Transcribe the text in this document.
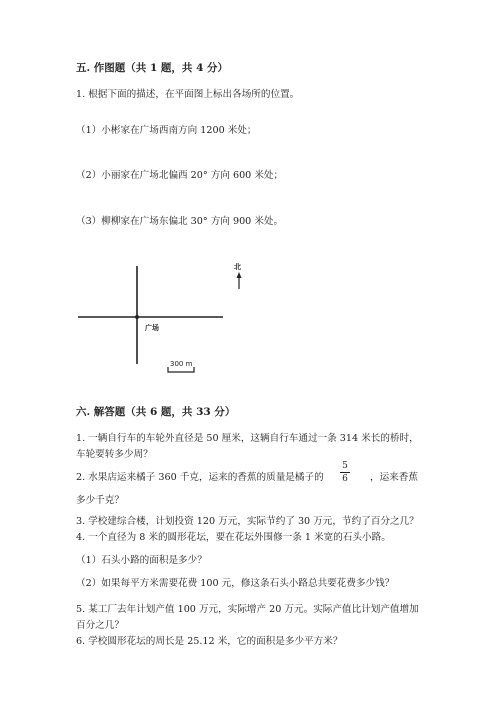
五. 作图题（共 1 题，共 4 分）
1. 根据下面的描述，在平面图上标出各场所的位置。
（1）小彬家在广场西南方向 1200 米处；
（2）小丽家在广场北偏西 20° 方向 600 米处；
（3）柳柳家在广场东偏北 30° 方向 900 米处。
广场
北
300 m
六. 解答题（共 6 题，共 33 分）
1. 一辆自行车的车轮外直径是 50 厘米，这辆自行车通过一条 314 米长的桥时，
车轮要转多少周？
2. 水果店运来橘子 360 千克，运来的香蕉的质量是橘子的
5
6 ，运来香蕉
多少千克？
3. 学校建综合楼，计划投资 120 万元，实际节约了 30 万元，节约了百分之几？
4. 一个直径为 8 米的圆形花坛，要在花坛外围修一条 1 米宽的石头小路。
（1）石头小路的面积是多少？
（2）如果每平方米需要花费 100 元，修这条石头小路总共要花费多少钱？
5. 某工厂去年计划产值 100 万元，实际增产 20 万元。实际产值比计划产值增加
百分之几？
6. 学校圆形花坛的周长是 25.12 米，它的面积是多少平方米？
